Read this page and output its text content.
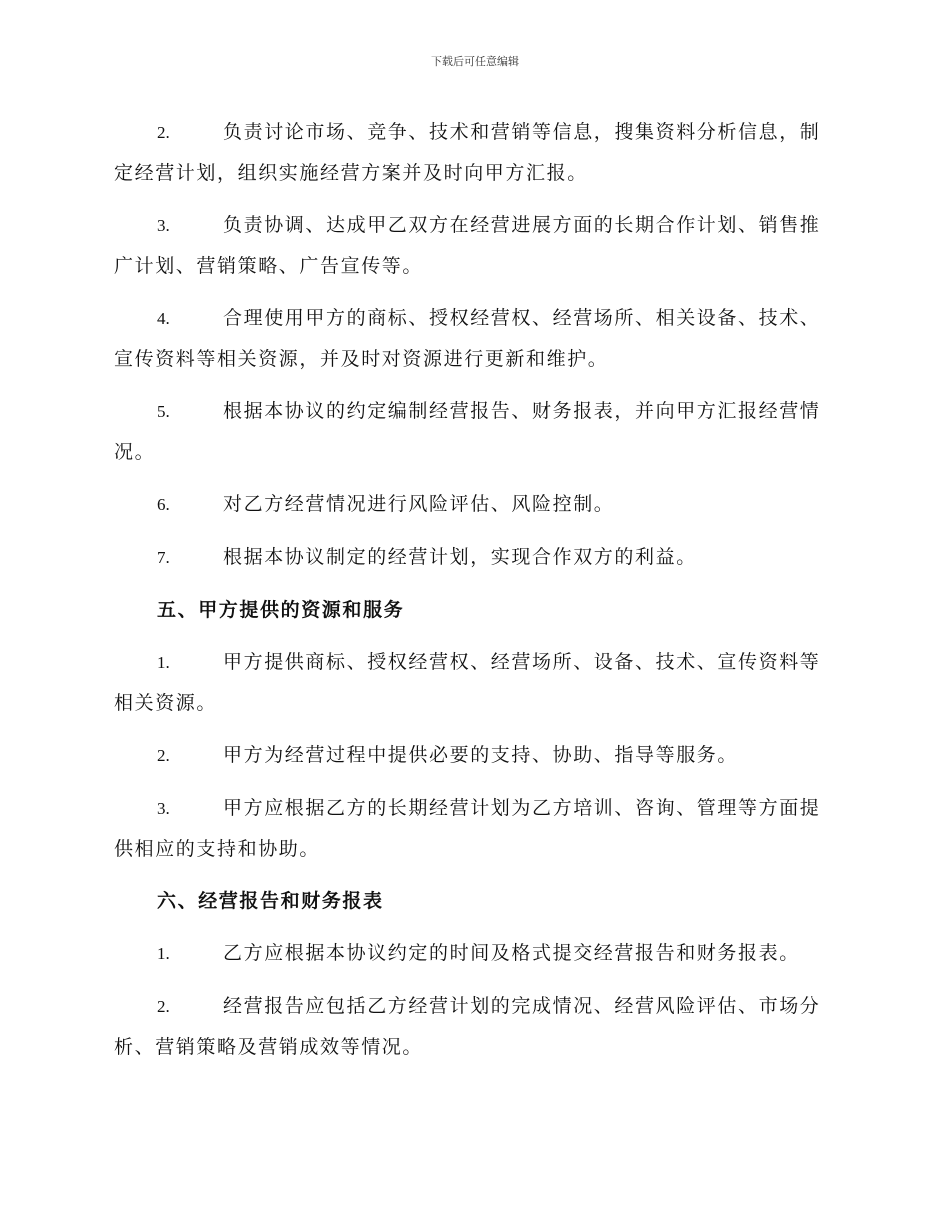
下载后可任意编辑
2.	负责讨论市场、竞争、技术和营销等信息，搜集资料分析信息，制定经营计划，组织实施经营方案并及时向甲方汇报。
3.	负责协调、达成甲乙双方在经营进展方面的长期合作计划、销售推广计划、营销策略、广告宣传等。
4.	合理使用甲方的商标、授权经营权、经营场所、相关设备、技术、宣传资料等相关资源，并及时对资源进行更新和维护。
5.	根据本协议的约定编制经营报告、财务报表，并向甲方汇报经营情况。
6.	对乙方经营情况进行风险评估、风险控制。
7.	根据本协议制定的经营计划，实现合作双方的利益。
五、甲方提供的资源和服务
1.	甲方提供商标、授权经营权、经营场所、设备、技术、宣传资料等相关资源。
2.	甲方为经营过程中提供必要的支持、协助、指导等服务。
3.	甲方应根据乙方的长期经营计划为乙方培训、咨询、管理等方面提供相应的支持和协助。
六、经营报告和财务报表
1.	乙方应根据本协议约定的时间及格式提交经营报告和财务报表。
2.	经营报告应包括乙方经营计划的完成情况、经营风险评估、市场分析、营销策略及营销成效等情况。
